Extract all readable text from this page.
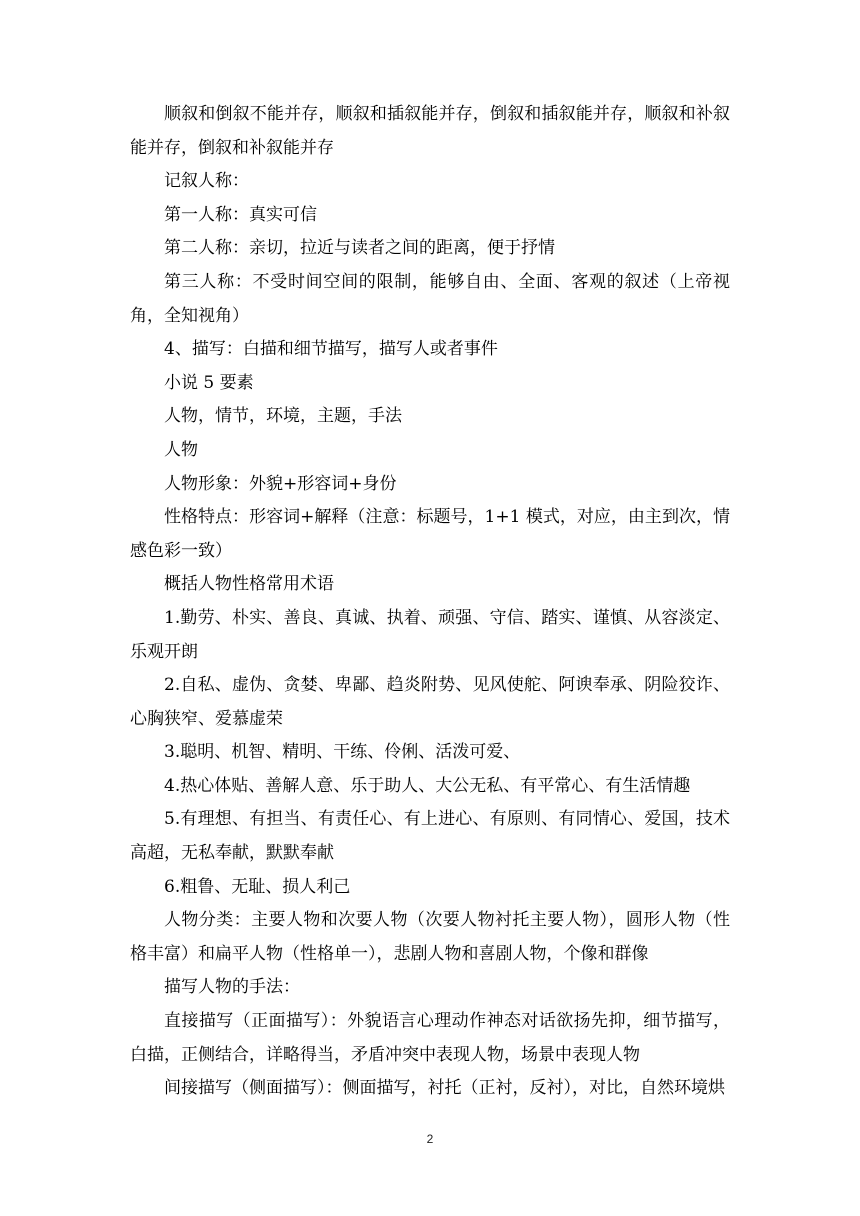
顺叙和倒叙不能并存，顺叙和插叙能并存，倒叙和插叙能并存，顺叙和补叙能并存，倒叙和补叙能并存

记叙人称：

第一人称：真实可信

第二人称：亲切，拉近与读者之间的距离，便于抒情

第三人称：不受时间空间的限制，能够自由、全面、客观的叙述（上帝视角，全知视角）

4、描写：白描和细节描写，描写人或者事件

小说 5 要素

人物，情节，环境，主题，手法

人物

人物形象：外貌+形容词+身份

性格特点：形容词+解释（注意：标题号，1+1 模式，对应，由主到次，情感色彩一致）

概括人物性格常用术语

1.勤劳、朴实、善良、真诚、执着、顽强、守信、踏实、谨慎、从容淡定、乐观开朗

2.自私、虚伪、贪婪、卑鄙、趋炎附势、见风使舵、阿谀奉承、阴险狡诈、心胸狭窄、爱慕虚荣

3.聪明、机智、精明、干练、伶俐、活泼可爱、

4.热心体贴、善解人意、乐于助人、大公无私、有平常心、有生活情趣

5.有理想、有担当、有责任心、有上进心、有原则、有同情心、爱国，技术高超，无私奉献，默默奉献

6.粗鲁、无耻、损人利己

人物分类：主要人物和次要人物（次要人物衬托主要人物），圆形人物（性格丰富）和扁平人物（性格单一），悲剧人物和喜剧人物，个像和群像

描写人物的手法：

直接描写（正面描写）：外貌语言心理动作神态对话欲扬先抑，细节描写，白描，正侧结合，详略得当，矛盾冲突中表现人物，场景中表现人物

间接描写（侧面描写）：侧面描写，衬托（正衬，反衬），对比，自然环境烘

2
